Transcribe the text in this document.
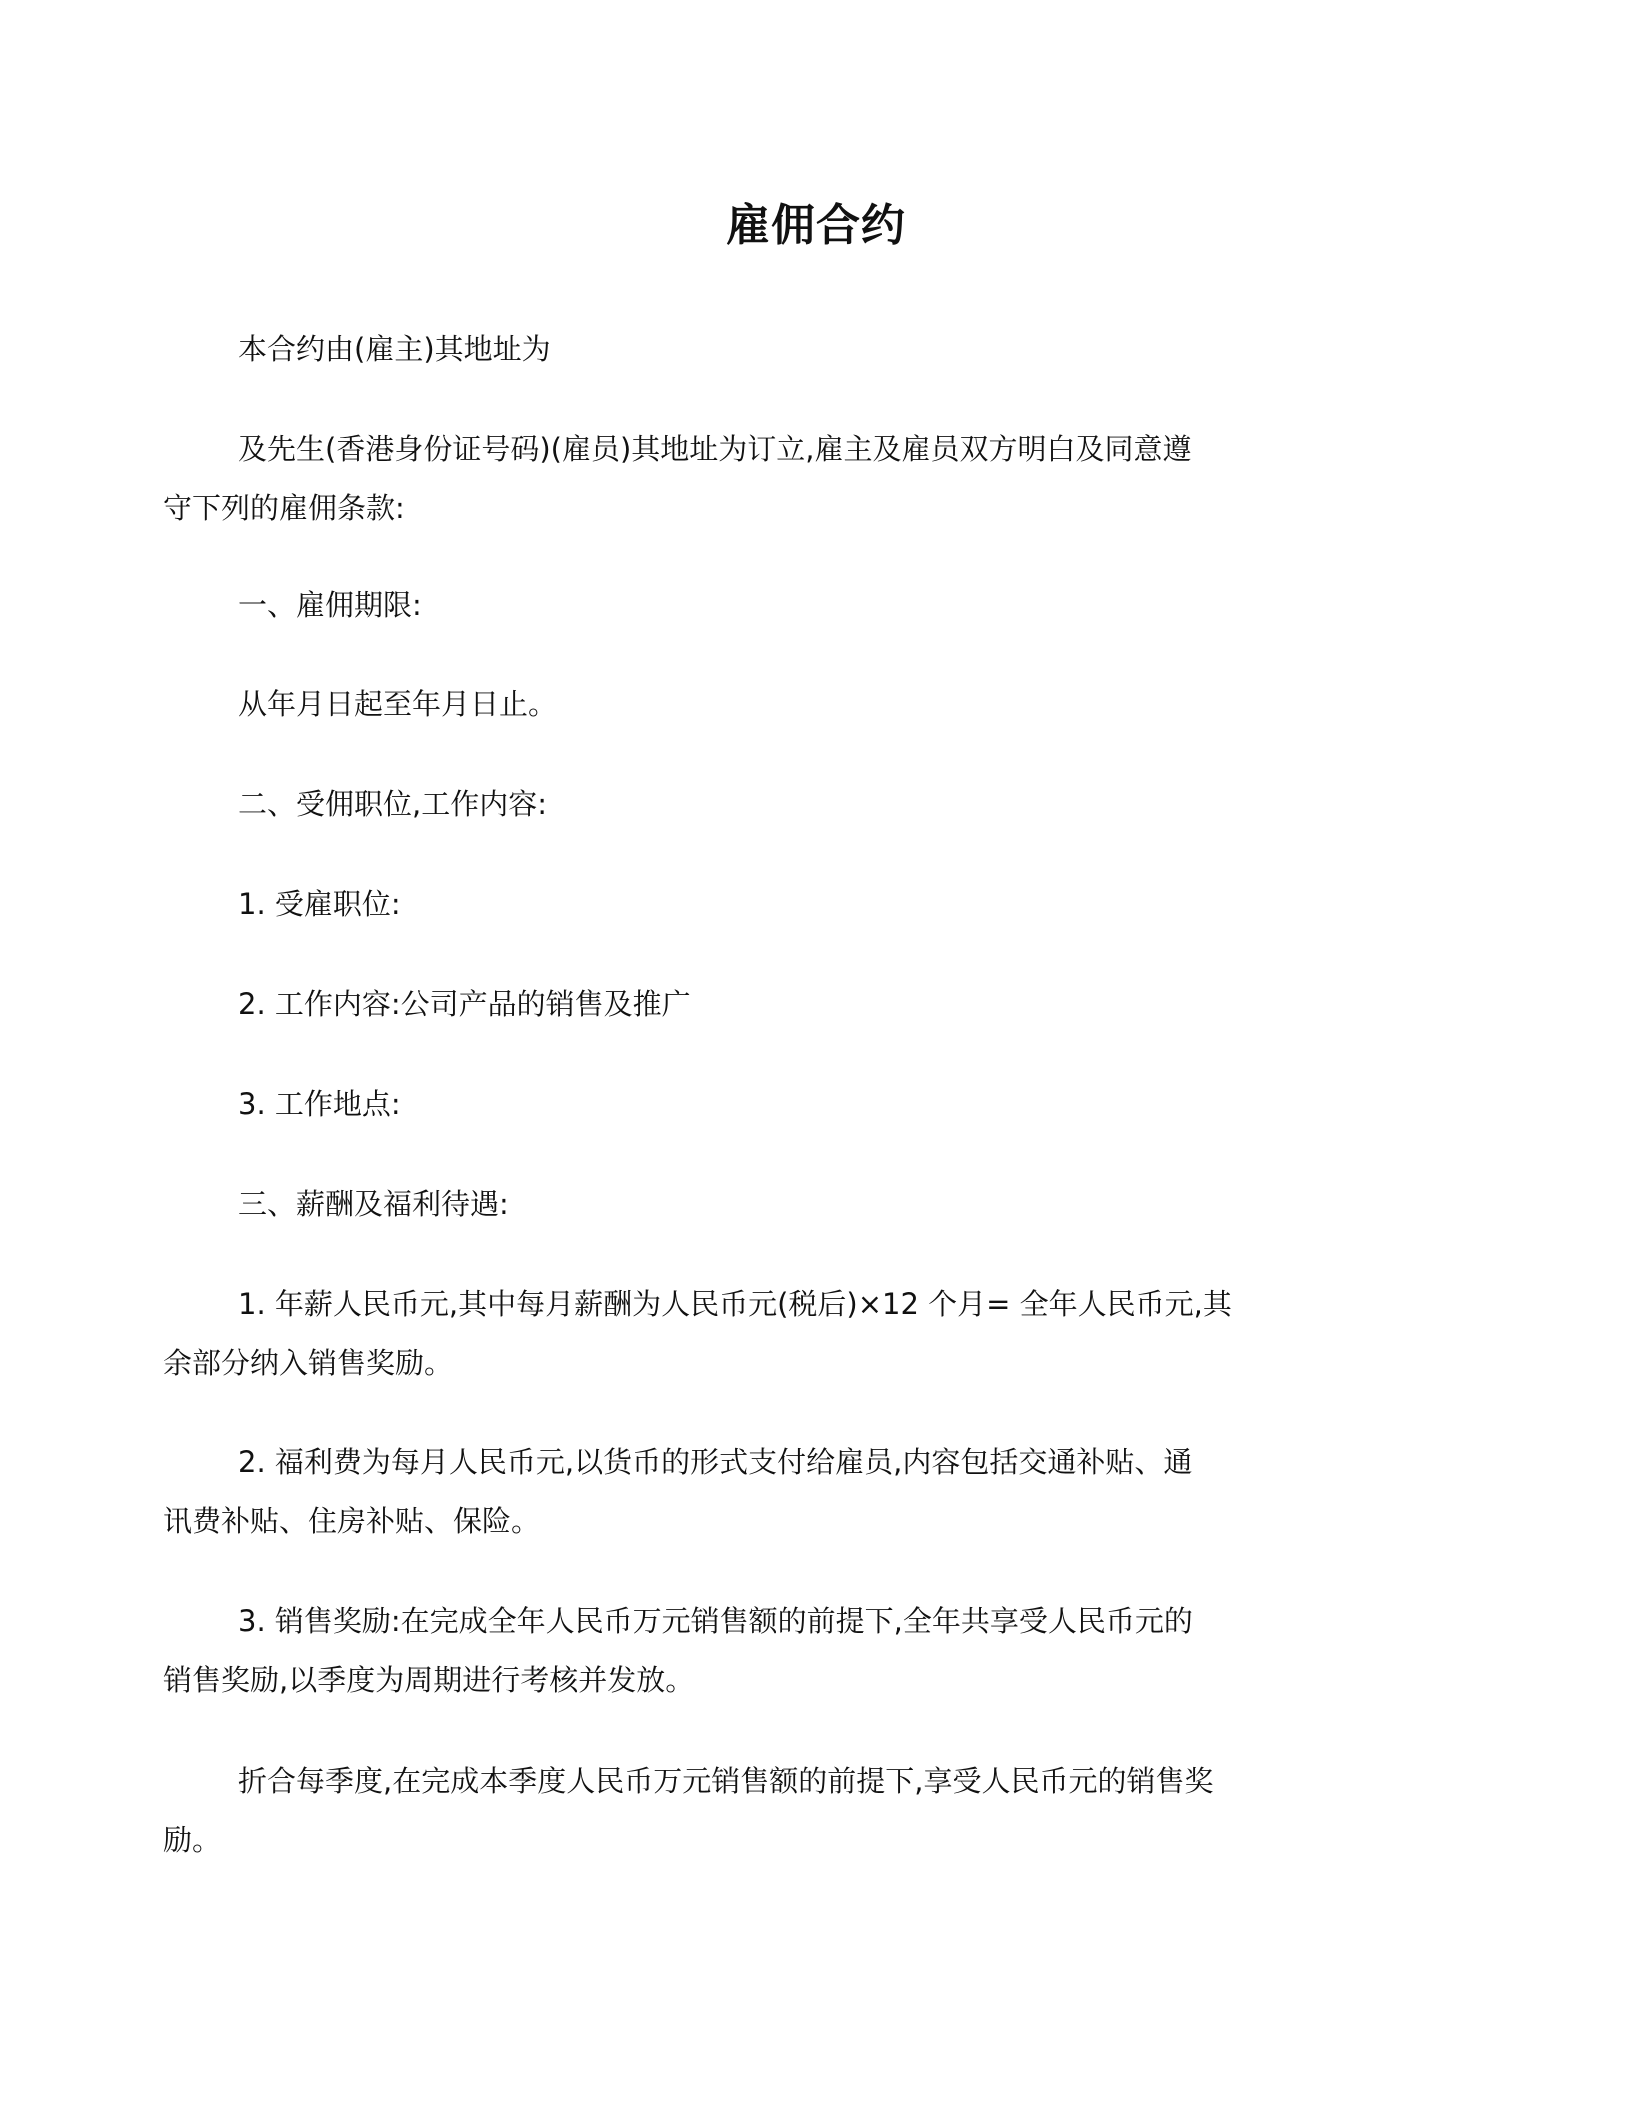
雇佣合约
本合约由(雇主)其地址为
及先生(香港身份证号码)(雇员)其地址为订立,雇主及雇员双方明白及同意遵
守下列的雇佣条款:
一、雇佣期限:
从年月日起至年月日止。
二、受佣职位,工作内容:
1. 受雇职位:
2. 工作内容:公司产品的销售及推广
3. 工作地点:
三、薪酬及福利待遇:
1. 年薪人民币元,其中每月薪酬为人民币元(税后)×12 个月= 全年人民币元,其
余部分纳入销售奖励。
2. 福利费为每月人民币元,以货币的形式支付给雇员,内容包括交通补贴、通
讯费补贴、住房补贴、保险。
3. 销售奖励:在完成全年人民币万元销售额的前提下,全年共享受人民币元的
销售奖励,以季度为周期进行考核并发放。
折合每季度,在完成本季度人民币万元销售额的前提下,享受人民币元的销售奖
励。
